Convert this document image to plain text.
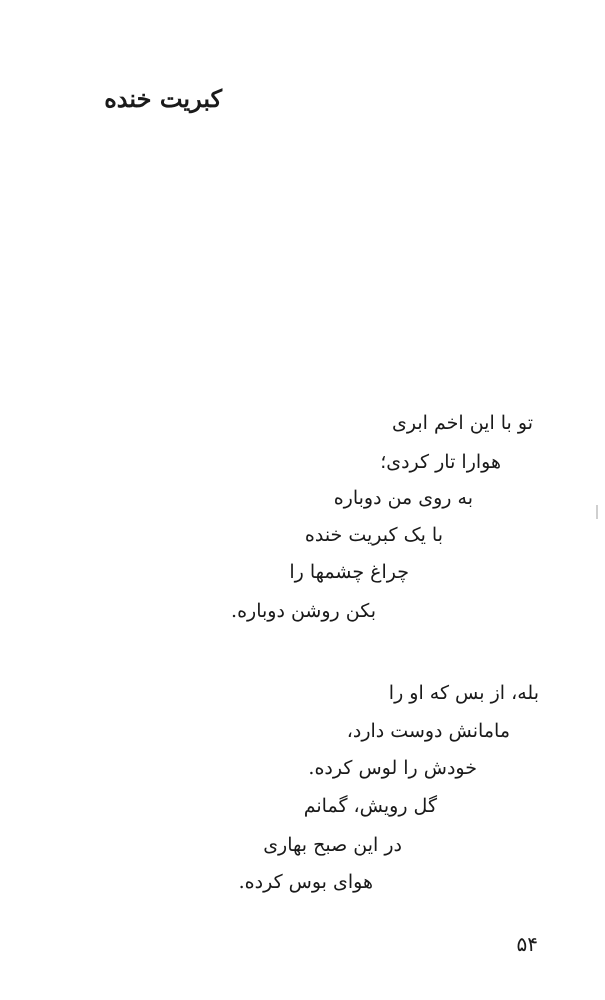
کبریت خنده
تو با این اخم ابری
هوارا تار کردی؛
به روی من دوباره
با یک کبریت خنده
چراغ چشمها را
بکن روشن دوباره.
بله، از بس که او را
مامانش دوست دارد،
خودش را لوس کرده.
گل رویش، گمانم
در این صبح بهاری
هوای بوس کرده.
۵۴
